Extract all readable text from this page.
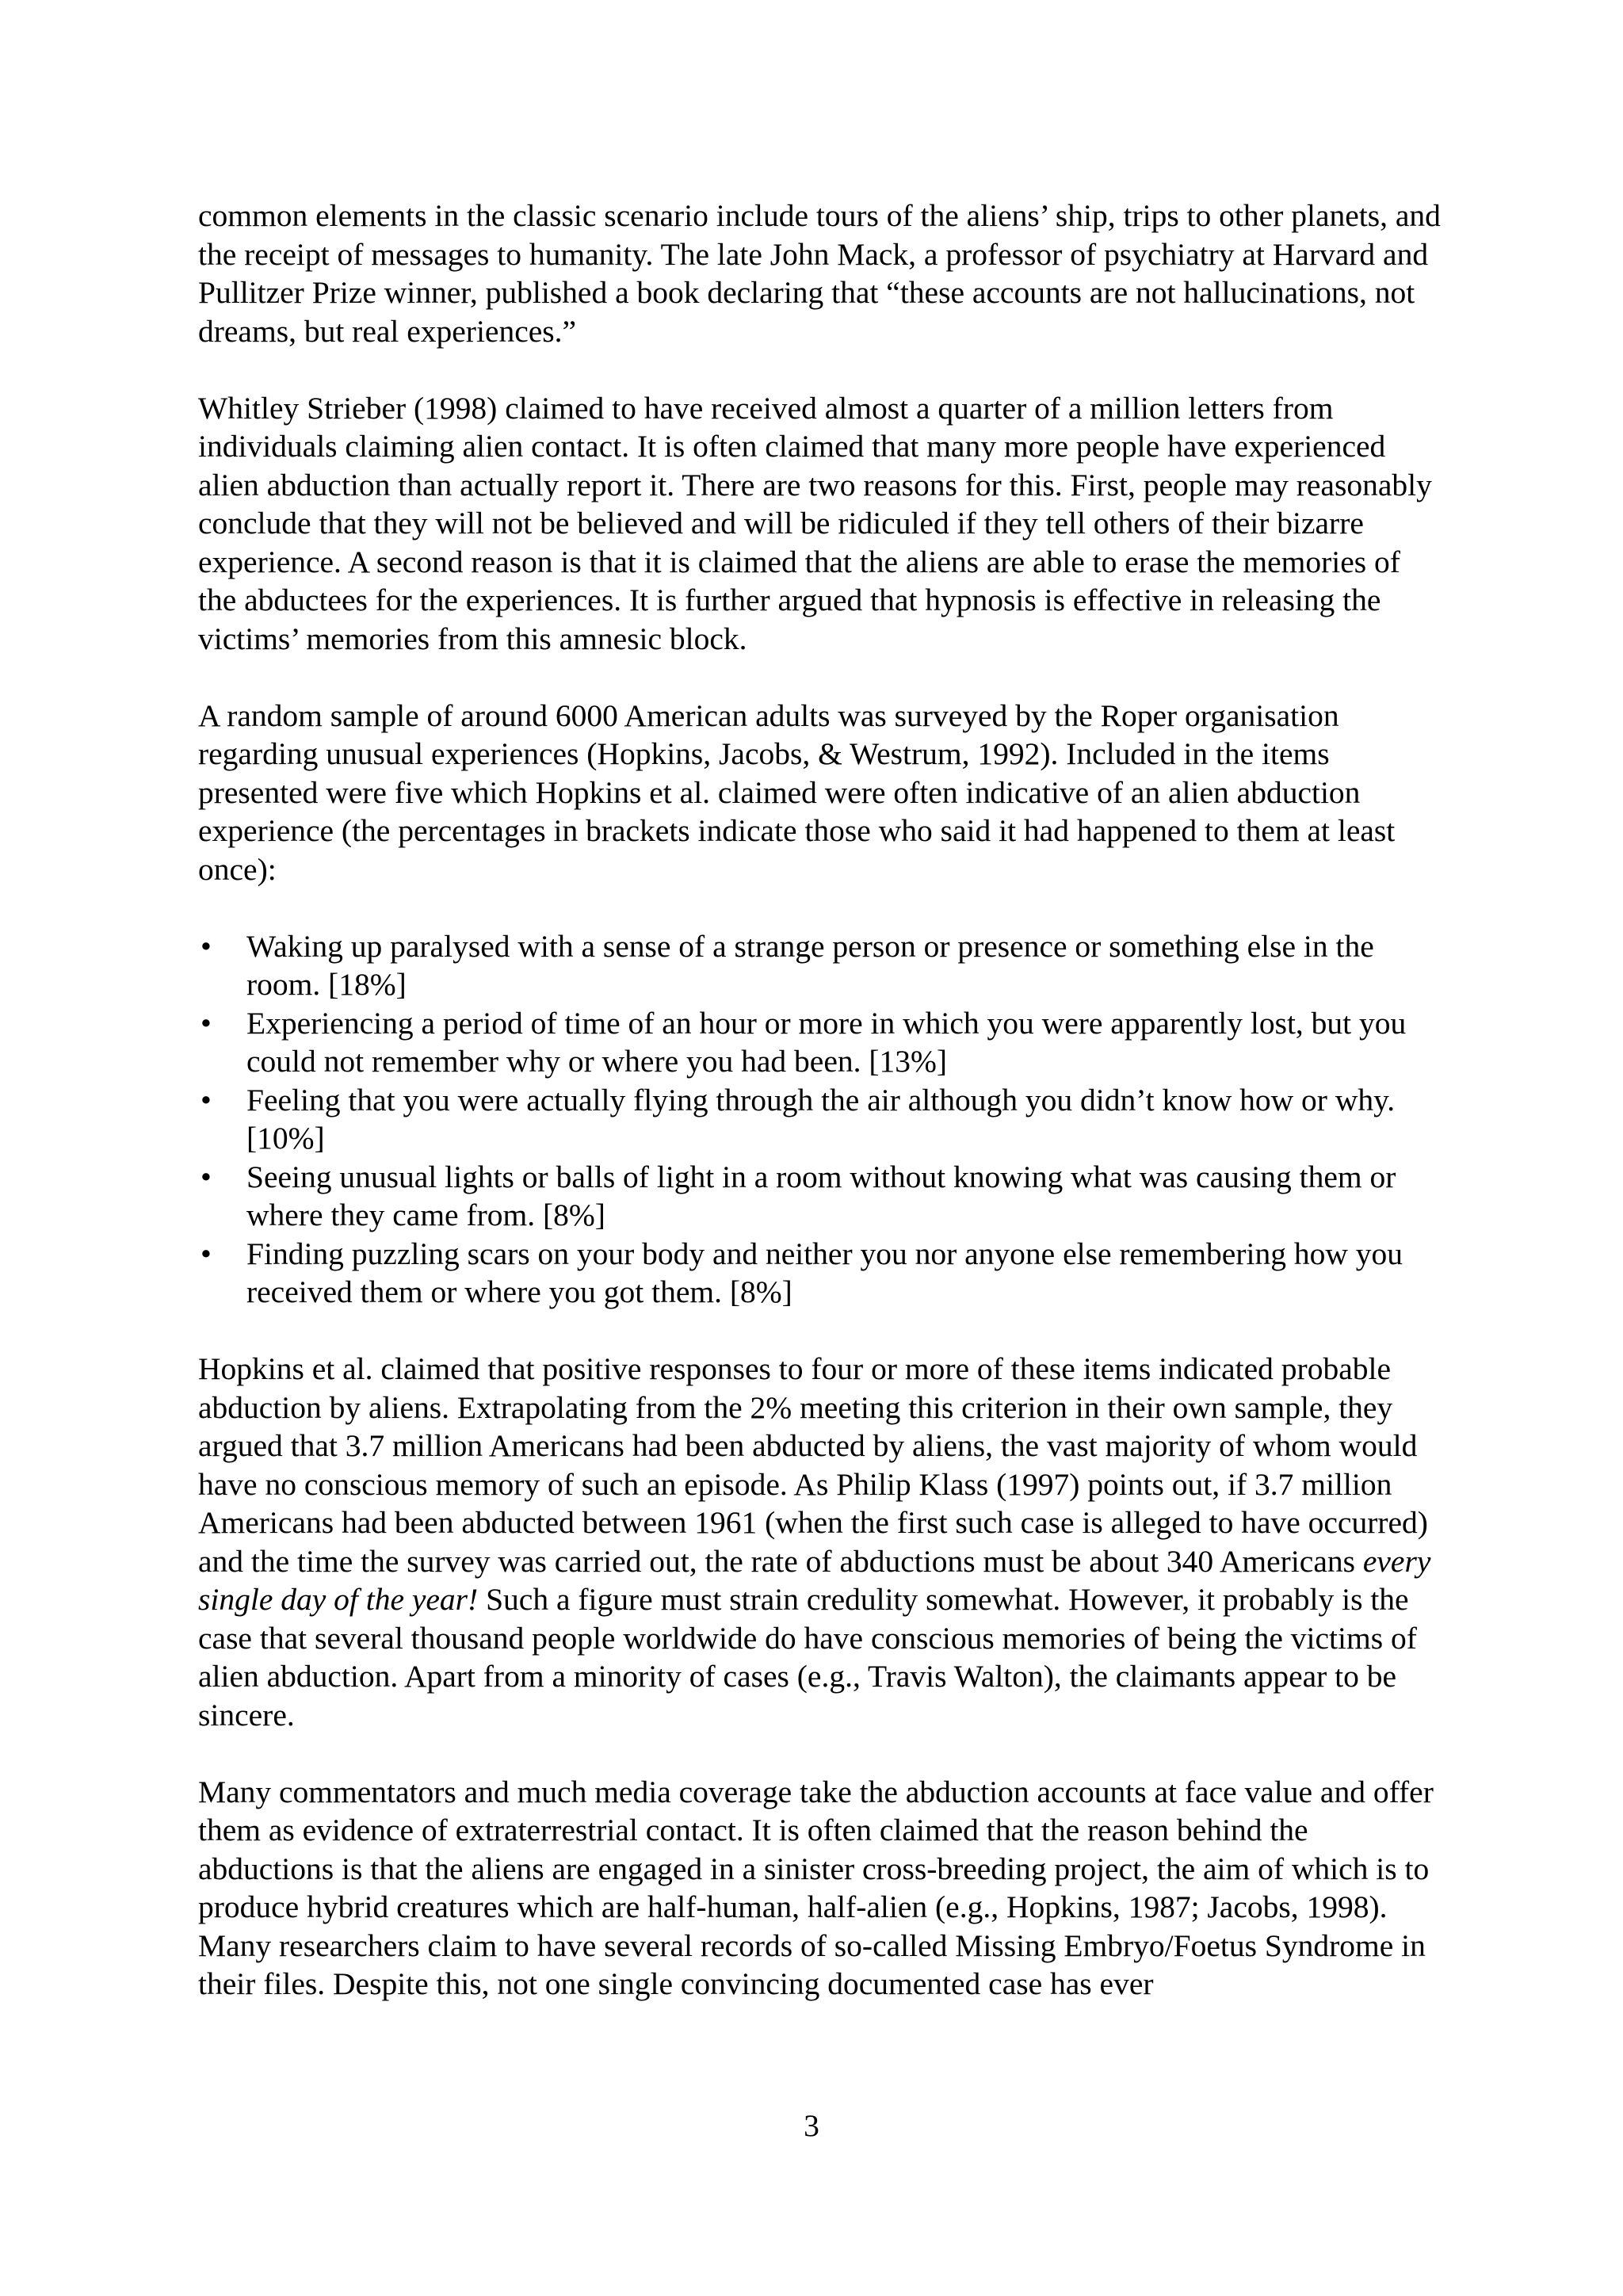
common elements in the classic scenario include tours of the aliens’ ship, trips to other planets, and the receipt of messages to humanity. The late John Mack, a professor of psychiatry at Harvard and Pullitzer Prize winner, published a book declaring that “these accounts are not hallucinations, not dreams, but real experiences.”

Whitley Strieber (1998) claimed to have received almost a quarter of a million letters from individuals claiming alien contact. It is often claimed that many more people have experienced alien abduction than actually report it. There are two reasons for this. First, people may reasonably conclude that they will not be believed and will be ridiculed if they tell others of their bizarre experience. A second reason is that it is claimed that the aliens are able to erase the memories of the abductees for the experiences. It is further argued that hypnosis is effective in releasing the victims’ memories from this amnesic block.

A random sample of around 6000 American adults was surveyed by the Roper organisation regarding unusual experiences (Hopkins, Jacobs, & Westrum, 1992). Included in the items presented were five which Hopkins et al. claimed were often indicative of an alien abduction experience (the percentages in brackets indicate those who said it had happened to them at least once):

• Waking up paralysed with a sense of a strange person or presence or something else in the room. [18%]
• Experiencing a period of time of an hour or more in which you were apparently lost, but you could not remember why or where you had been. [13%]
• Feeling that you were actually flying through the air although you didn’t know how or why. [10%]
• Seeing unusual lights or balls of light in a room without knowing what was causing them or where they came from. [8%]
• Finding puzzling scars on your body and neither you nor anyone else remembering how you received them or where you got them. [8%]

Hopkins et al. claimed that positive responses to four or more of these items indicated probable abduction by aliens. Extrapolating from the 2% meeting this criterion in their own sample, they argued that 3.7 million Americans had been abducted by aliens, the vast majority of whom would have no conscious memory of such an episode. As Philip Klass (1997) points out, if 3.7 million Americans had been abducted between 1961 (when the first such case is alleged to have occurred) and the time the survey was carried out, the rate of abductions must be about 340 Americans every single day of the year! Such a figure must strain credulity somewhat. However, it probably is the case that several thousand people worldwide do have conscious memories of being the victims of alien abduction. Apart from a minority of cases (e.g., Travis Walton), the claimants appear to be sincere.

Many commentators and much media coverage take the abduction accounts at face value and offer them as evidence of extraterrestrial contact. It is often claimed that the reason behind the abductions is that the aliens are engaged in a sinister cross-breeding project, the aim of which is to produce hybrid creatures which are half-human, half-alien (e.g., Hopkins, 1987; Jacobs, 1998). Many researchers claim to have several records of so-called Missing Embryo/Foetus Syndrome in their files. Despite this, not one single convincing documented case has ever

3
